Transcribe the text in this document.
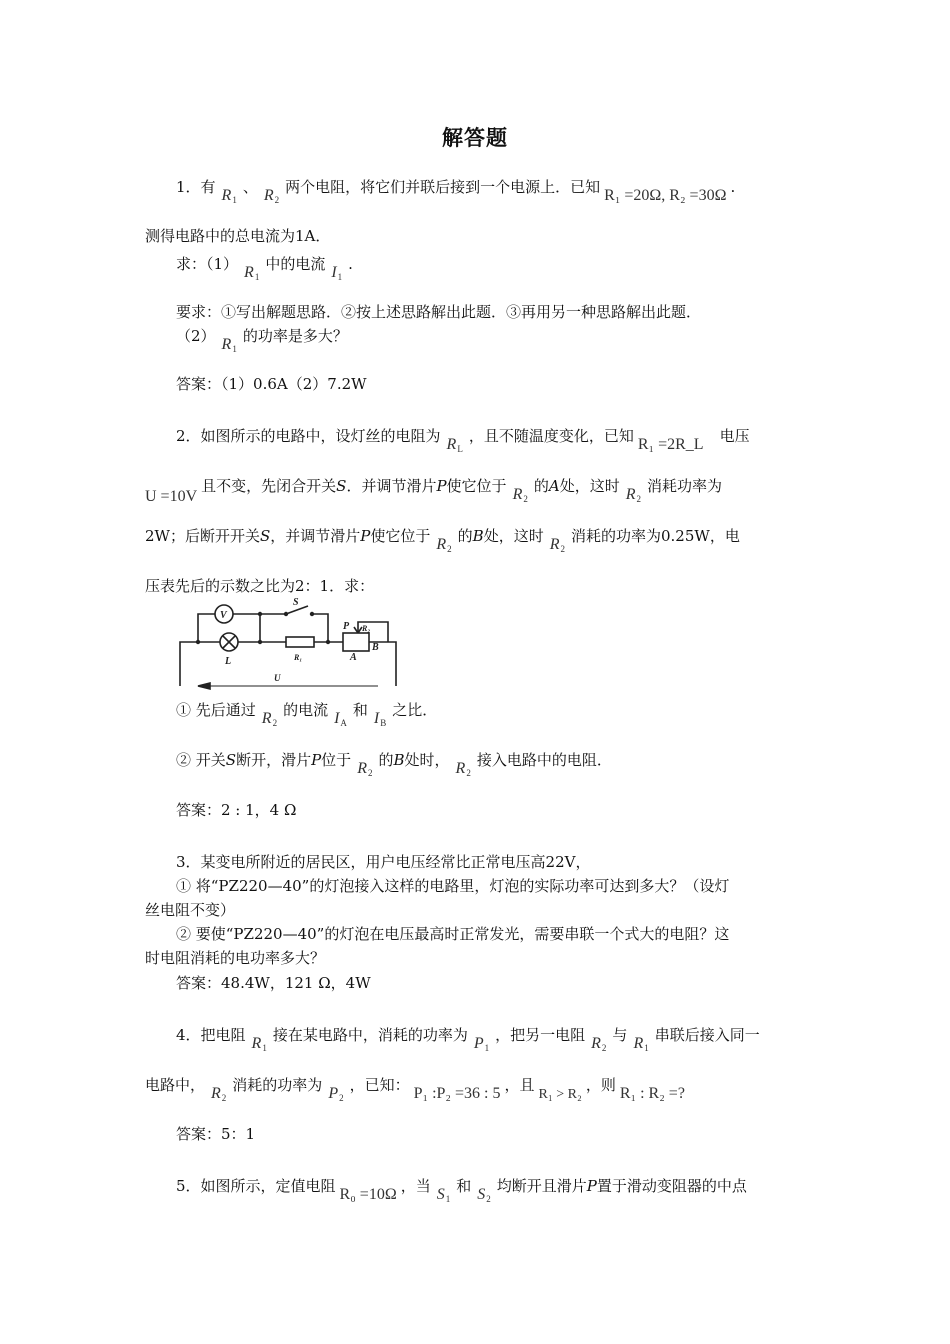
解答题
1．有 $R_1$、 $R_2$两个电阻，将它们并联后接到一个电源上．已知 R₁ =20Ω, R₂ =30Ω .
测得电路中的总电流为1A．
求：（1） $R_1$中的电流 $I_1$.
要求：①写出解题思路．②按上述思路解出此题．③再用另一种思路解出此题．
（2） $R_1$的功率是多大？
答案：（1）0.6A（2）7.2W
2．如图所示的电路中，设灯丝的电阻为 $R_L$，且不随温度变化，已知 R₁ =2R_L 电压
U =10V且不变，先闭合开关S．并调节滑片P使它位于 $R_2$的A处，这时 $R_2$消耗功率为
2W；后断开开关S，并调节滑片P使它位于 $R_2$的B处，这时 $R_2$消耗的功率为0.25W，电
压表先后的示数之比为2：1．求：
V
S
P R₂
L	R₁	A
B
U
① 先后通过 $R_2$的电流 $I_A$和 $I_B$之比．
② 开关S断开，滑片P位于 $R_2$的B处时， $R_2$接入电路中的电阻．
答案：2 : 1，4 Ω
3．某变电所附近的居民区，用户电压经常比正常电压高22V，
① 将“PZ220—40”的灯泡接入这样的电路里，灯泡的实际功率可达到多大？（设灯
丝电阻不变）
② 要使“PZ220—40”的灯泡在电压最高时正常发光，需要串联一个式大的电阻？这
时电阻消耗的电功率多大？
答案：48.4W，121 Ω，4W
4．把电阻 $R_1$接在某电路中，消耗的功率为 $P_1$，把另一电阻 $R_2$与 $R_1$串联后接入同一
电路中， $R_2$消耗的功率为 $P_2$，已知： P₁ :P₂ =36 : 5 ，且R₁ > R₂，则 R₁ : R₂ =?
答案：5：1
5．如图所示，定值电阻 R₀ =10Ω ，当 $S_1$和 $S_2$均断开且滑片P置于滑动变阻器的中点
